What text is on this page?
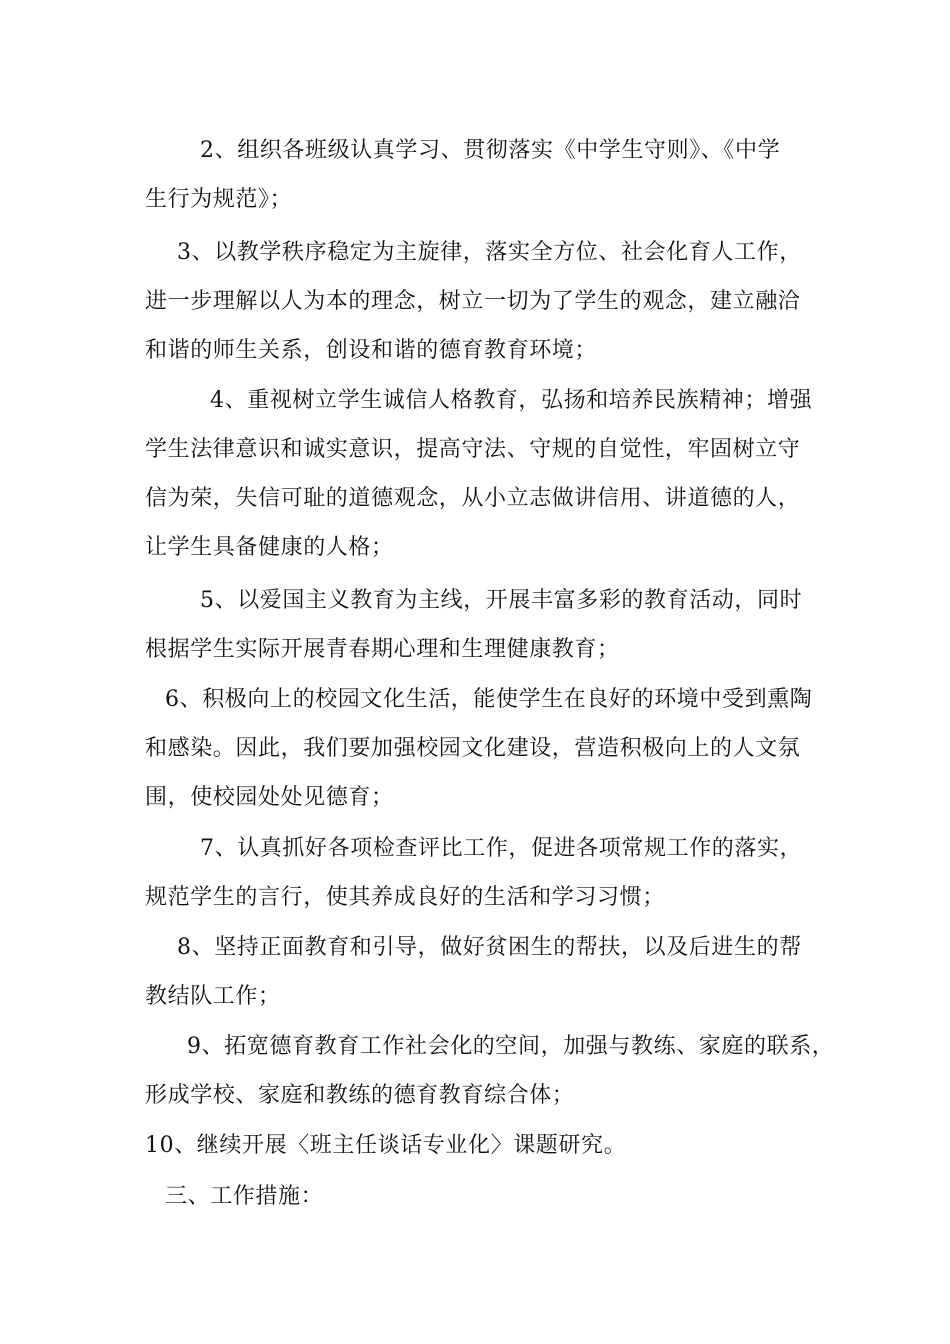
2、组织各班级认真学习、贯彻落实《中学生守则》、《中学
生行为规范》；
3、以教学秩序稳定为主旋律，落实全方位、社会化育人工作，
进一步理解以人为本的理念，树立一切为了学生的观念，建立融洽
和谐的师生关系，创设和谐的德育教育环境；
4、重视树立学生诚信人格教育，弘扬和培养民族精神；增强
学生法律意识和诚实意识，提高守法、守规的自觉性，牢固树立守
信为荣，失信可耻的道德观念，从小立志做讲信用、讲道德的人，
让学生具备健康的人格；
5、以爱国主义教育为主线，开展丰富多彩的教育活动，同时
根据学生实际开展青春期心理和生理健康教育；
6、积极向上的校园文化生活，能使学生在良好的环境中受到熏陶
和感染。因此，我们要加强校园文化建设，营造积极向上的人文氛
围，使校园处处见德育；
7、认真抓好各项检查评比工作，促进各项常规工作的落实，
规范学生的言行，使其养成良好的生活和学习习惯；
8、坚持正面教育和引导，做好贫困生的帮扶，以及后进生的帮
教结队工作；
9、拓宽德育教育工作社会化的空间，加强与教练、家庭的联系，
形成学校、家庭和教练的德育教育综合体；
10、继续开展〈班主任谈话专业化〉课题研究。
三、工作措施：
